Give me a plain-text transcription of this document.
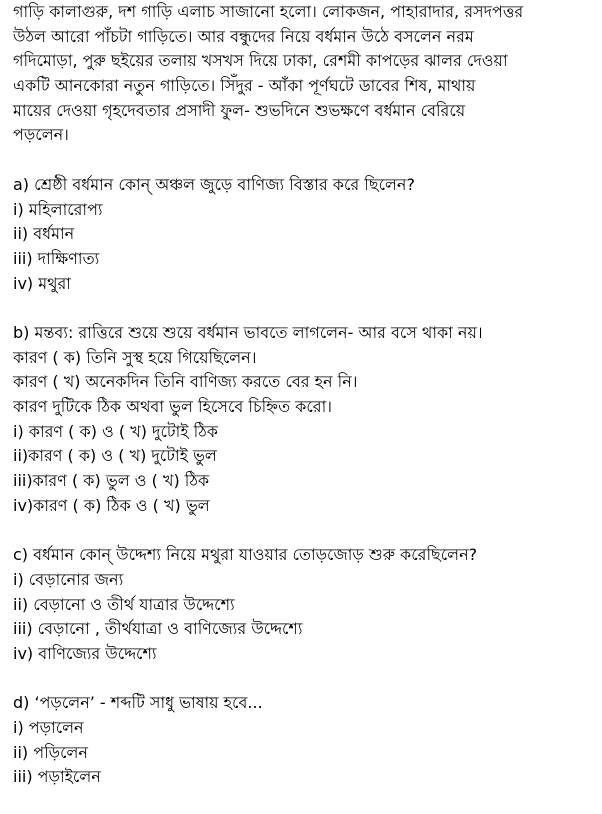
গাড়ি কালাগুরু, দশ গাড়ি এলাচ সাজানো হলো। লোকজন, পাহারাদার, রসদপত্তর
উঠল আরো পাঁচটা গাড়িতে। আর বন্ধুদের নিয়ে বর্ধমান উঠে বসলেন নরম
গদিমোড়া, পুরু ছইয়ের তলায় খসখস দিয়ে ঢাকা, রেশমী কাপড়ের ঝালর দেওয়া
একটি আনকোরা নতুন গাড়িতে। সিঁদুর - আঁকা পূর্ণঘটে ডাবের শিষ, মাথায়
মায়ের দেওয়া গৃহদেবতার প্রসাদী ফুল- শুভদিনে শুভক্ষণে বর্ধমান বেরিয়ে
পড়লেন।
a) শ্রেষ্ঠী বর্ধমান কোন্ অঞ্চল জুড়ে বাণিজ্য বিস্তার করে ছিলেন?
i) মহিলারোপ্য
ii) বর্ধমান
iii) দাক্ষিণাত্য
iv) মথুরা
b) মন্তব্য: রাত্তিরে শুয়ে শুয়ে বর্ধমান ভাবতে লাগলেন- আর বসে থাকা নয়।
কারণ ( ক) তিনি সুস্থ হয়ে গিয়েছিলেন।
কারণ ( খ) অনেকদিন তিনি বাণিজ্য করতে বের হন নি।
কারণ দুটিকে ঠিক অথবা ভুল হিসেবে চিহ্নিত করো।
i) কারণ ( ক) ও ( খ) দুটোই ঠিক
ii)কারণ ( ক) ও ( খ) দুটোই ভুল
iii)কারণ ( ক) ভুল ও ( খ) ঠিক
iv)কারণ ( ক) ঠিক ও ( খ) ভুল
c) বর্ধমান কোন্ উদ্দেশ্য নিয়ে মথুরা যাওয়ার তোড়জোড় শুরু করেছিলেন?
i) বেড়ানোর জন্য
ii) বেড়ানো ও তীর্থ যাত্রার উদ্দেশ্যে
iii) বেড়ানো , তীর্থযাত্রা ও বাণিজ্যের উদ্দেশ্যে
iv) বাণিজ্যের উদ্দেশ্যে
d) ‘পড়লেন’ - শব্দটি সাধু ভাষায় হবে...
i) পড়ালেন
ii) পড়িলেন
iii) পড়াইলেন
